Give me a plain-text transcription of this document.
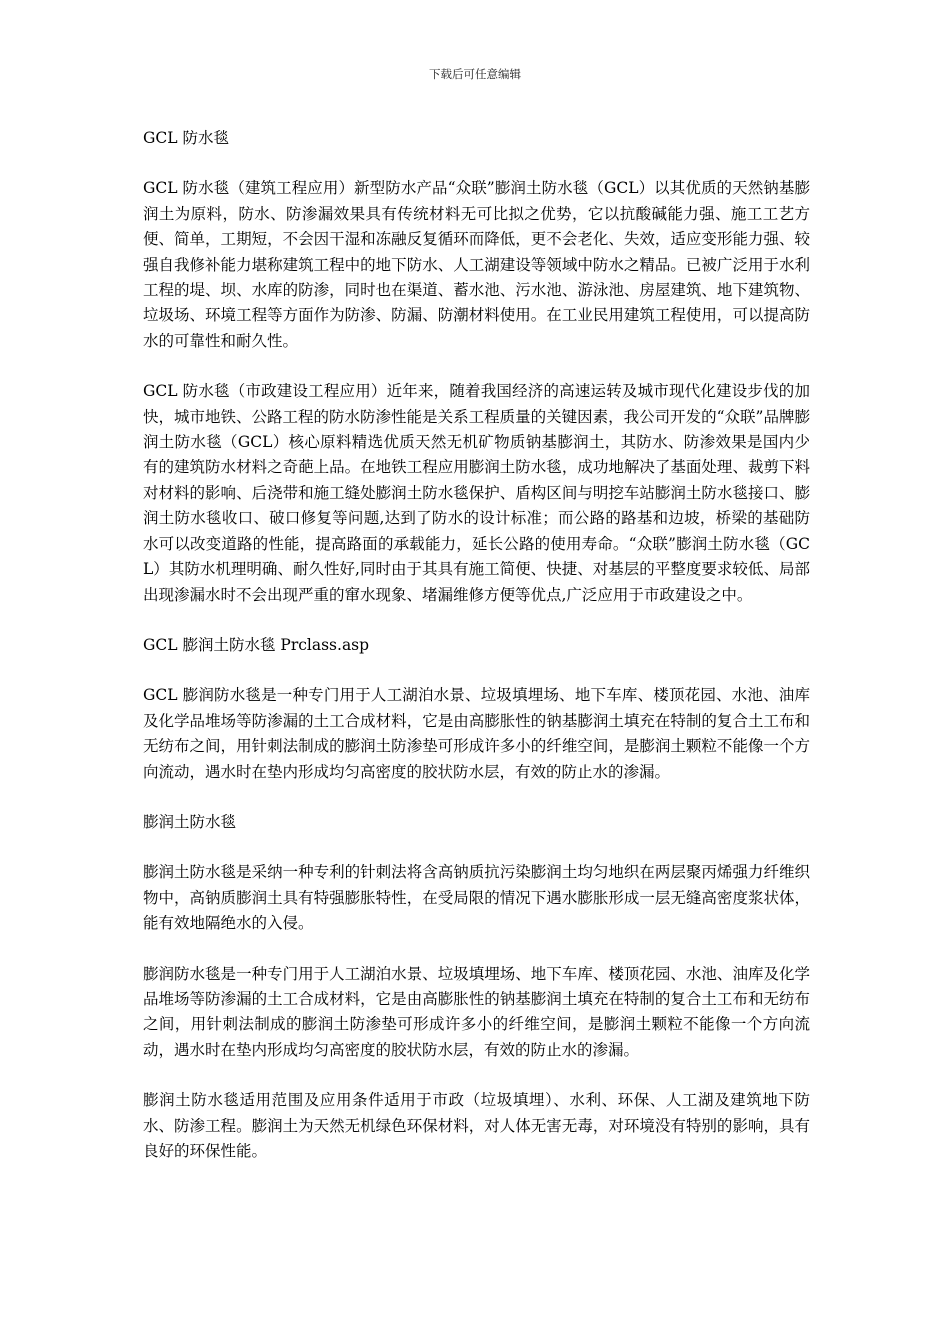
下载后可任意编辑

GCL 防水毯

GCL 防水毯（建筑工程应用）新型防水产品“众联”膨润土防水毯（GCL）以其优质的天然钠基膨润土为原料，防水、防渗漏效果具有传统材料无可比拟之优势，它以抗酸碱能力强、施工工艺方便、简单，工期短，不会因干湿和冻融反复循环而降低，更不会老化、失效，适应变形能力强、较强自我修补能力堪称建筑工程中的地下防水、人工湖建设等领域中防水之精品。已被广泛用于水利工程的堤、坝、水库的防渗，同时也在渠道、蓄水池、污水池、游泳池、房屋建筑、地下建筑物、垃圾场、环境工程等方面作为防渗、防漏、防潮材料使用。在工业民用建筑工程使用，可以提高防水的可靠性和耐久性。

GCL 防水毯（市政建设工程应用）近年来，随着我国经济的高速运转及城市现代化建设步伐的加快，城市地铁、公路工程的防水防渗性能是关系工程质量的关键因素，我公司开发的“众联”品牌膨润土防水毯（GCL）核心原料精选优质天然无机矿物质钠基膨润土，其防水、防渗效果是国内少有的建筑防水材料之奇葩上品。在地铁工程应用膨润土防水毯，成功地解决了基面处理、裁剪下料对材料的影响、后浇带和施工缝处膨润土防水毯保护、盾构区间与明挖车站膨润土防水毯接口、膨润土防水毯收口、破口修复等问题,达到了防水的设计标准；而公路的路基和边坡，桥梁的基础防水可以改变道路的性能，提高路面的承载能力，延长公路的使用寿命。“众联”膨润土防水毯（GCL）其防水机理明确、耐久性好,同时由于其具有施工简便、快捷、对基层的平整度要求较低、局部出现渗漏水时不会出现严重的窜水现象、堵漏维修方便等优点,广泛应用于市政建设之中。

GCL 膨润土防水毯 Prclass.asp

GCL 膨润防水毯是一种专门用于人工湖泊水景、垃圾填埋场、地下车库、楼顶花园、水池、油库及化学品堆场等防渗漏的土工合成材料，它是由高膨胀性的钠基膨润土填充在特制的复合土工布和无纺布之间，用针刺法制成的膨润土防渗垫可形成许多小的纤维空间，是膨润土颗粒不能像一个方向流动，遇水时在垫内形成均匀高密度的胶状防水层，有效的防止水的渗漏。

膨润土防水毯

膨润土防水毯是采纳一种专利的针刺法将含高钠质抗污染膨润土均匀地织在两层聚丙烯强力纤维织物中，高钠质膨润土具有特强膨胀特性，在受局限的情况下遇水膨胀形成一层无缝高密度浆状体，能有效地隔绝水的入侵。

膨润防水毯是一种专门用于人工湖泊水景、垃圾填埋场、地下车库、楼顶花园、水池、油库及化学品堆场等防渗漏的土工合成材料，它是由高膨胀性的钠基膨润土填充在特制的复合土工布和无纺布之间，用针刺法制成的膨润土防渗垫可形成许多小的纤维空间，是膨润土颗粒不能像一个方向流动，遇水时在垫内形成均匀高密度的胶状防水层，有效的防止水的渗漏。

膨润土防水毯适用范围及应用条件适用于市政（垃圾填埋）、水利、环保、人工湖及建筑地下防水、防渗工程。膨润土为天然无机绿色环保材料，对人体无害无毒，对环境没有特别的影响，具有良好的环保性能。
